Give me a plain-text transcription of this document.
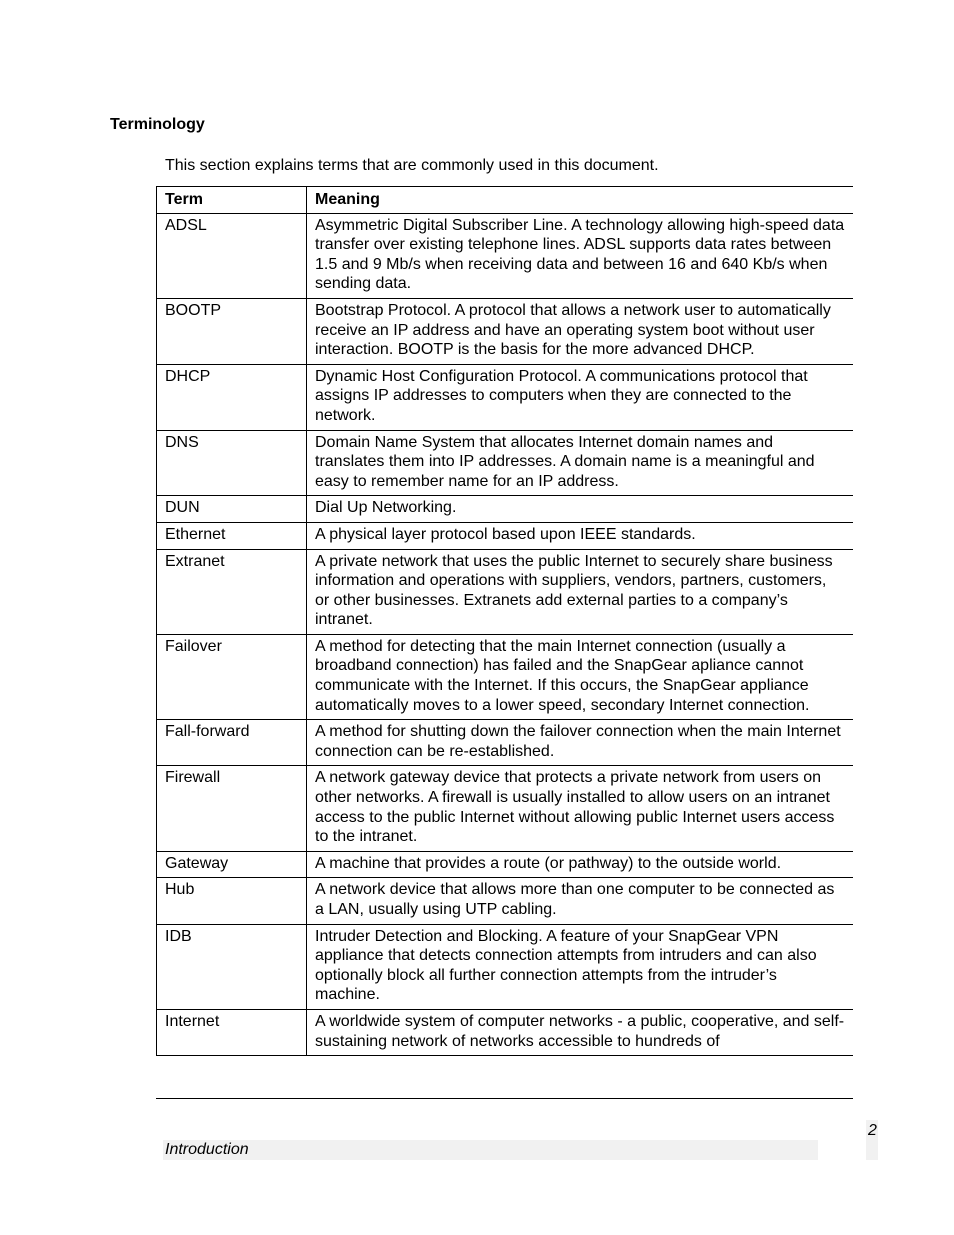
Terminology
This section explains terms that are commonly used in this document.
Term	Meaning
ADSL	Asymmetric Digital Subscriber Line. A technology allowing high-speed data transfer over existing telephone lines. ADSL supports data rates between 1.5 and 9 Mb/s when receiving data and between 16 and 640 Kb/s when sending data.
BOOTP	Bootstrap Protocol. A protocol that allows a network user to automatically receive an IP address and have an operating system boot without user interaction. BOOTP is the basis for the more advanced DHCP.
DHCP	Dynamic Host Configuration Protocol. A communications protocol that assigns IP addresses to computers when they are connected to the network.
DNS	Domain Name System that allocates Internet domain names and translates them into IP addresses. A domain name is a meaningful and easy to remember name for an IP address.
DUN	Dial Up Networking.
Ethernet	A physical layer protocol based upon IEEE standards.
Extranet	A private network that uses the public Internet to securely share business information and operations with suppliers, vendors, partners, customers, or other businesses. Extranets add external parties to a company’s intranet.
Failover	A method for detecting that the main Internet connection (usually a broadband connection) has failed and the SnapGear apliance cannot communicate with the Internet. If this occurs, the SnapGear appliance automatically moves to a lower speed, secondary Internet connection.
Fall-forward	A method for shutting down the failover connection when the main Internet connection can be re-established.
Firewall	A network gateway device that protects a private network from users on other networks. A firewall is usually installed to allow users on an intranet access to the public Internet without allowing public Internet users access to the intranet.
Gateway	A machine that provides a route (or pathway) to the outside world.
Hub	A network device that allows more than one computer to be connected as a LAN, usually using UTP cabling.
IDB	Intruder Detection and Blocking. A feature of your SnapGear VPN appliance that detects connection attempts from intruders and can also optionally block all further connection attempts from the intruder’s machine.
Internet	A worldwide system of computer networks - a public, cooperative, and self-sustaining network of networks accessible to hundreds of
Introduction
2
